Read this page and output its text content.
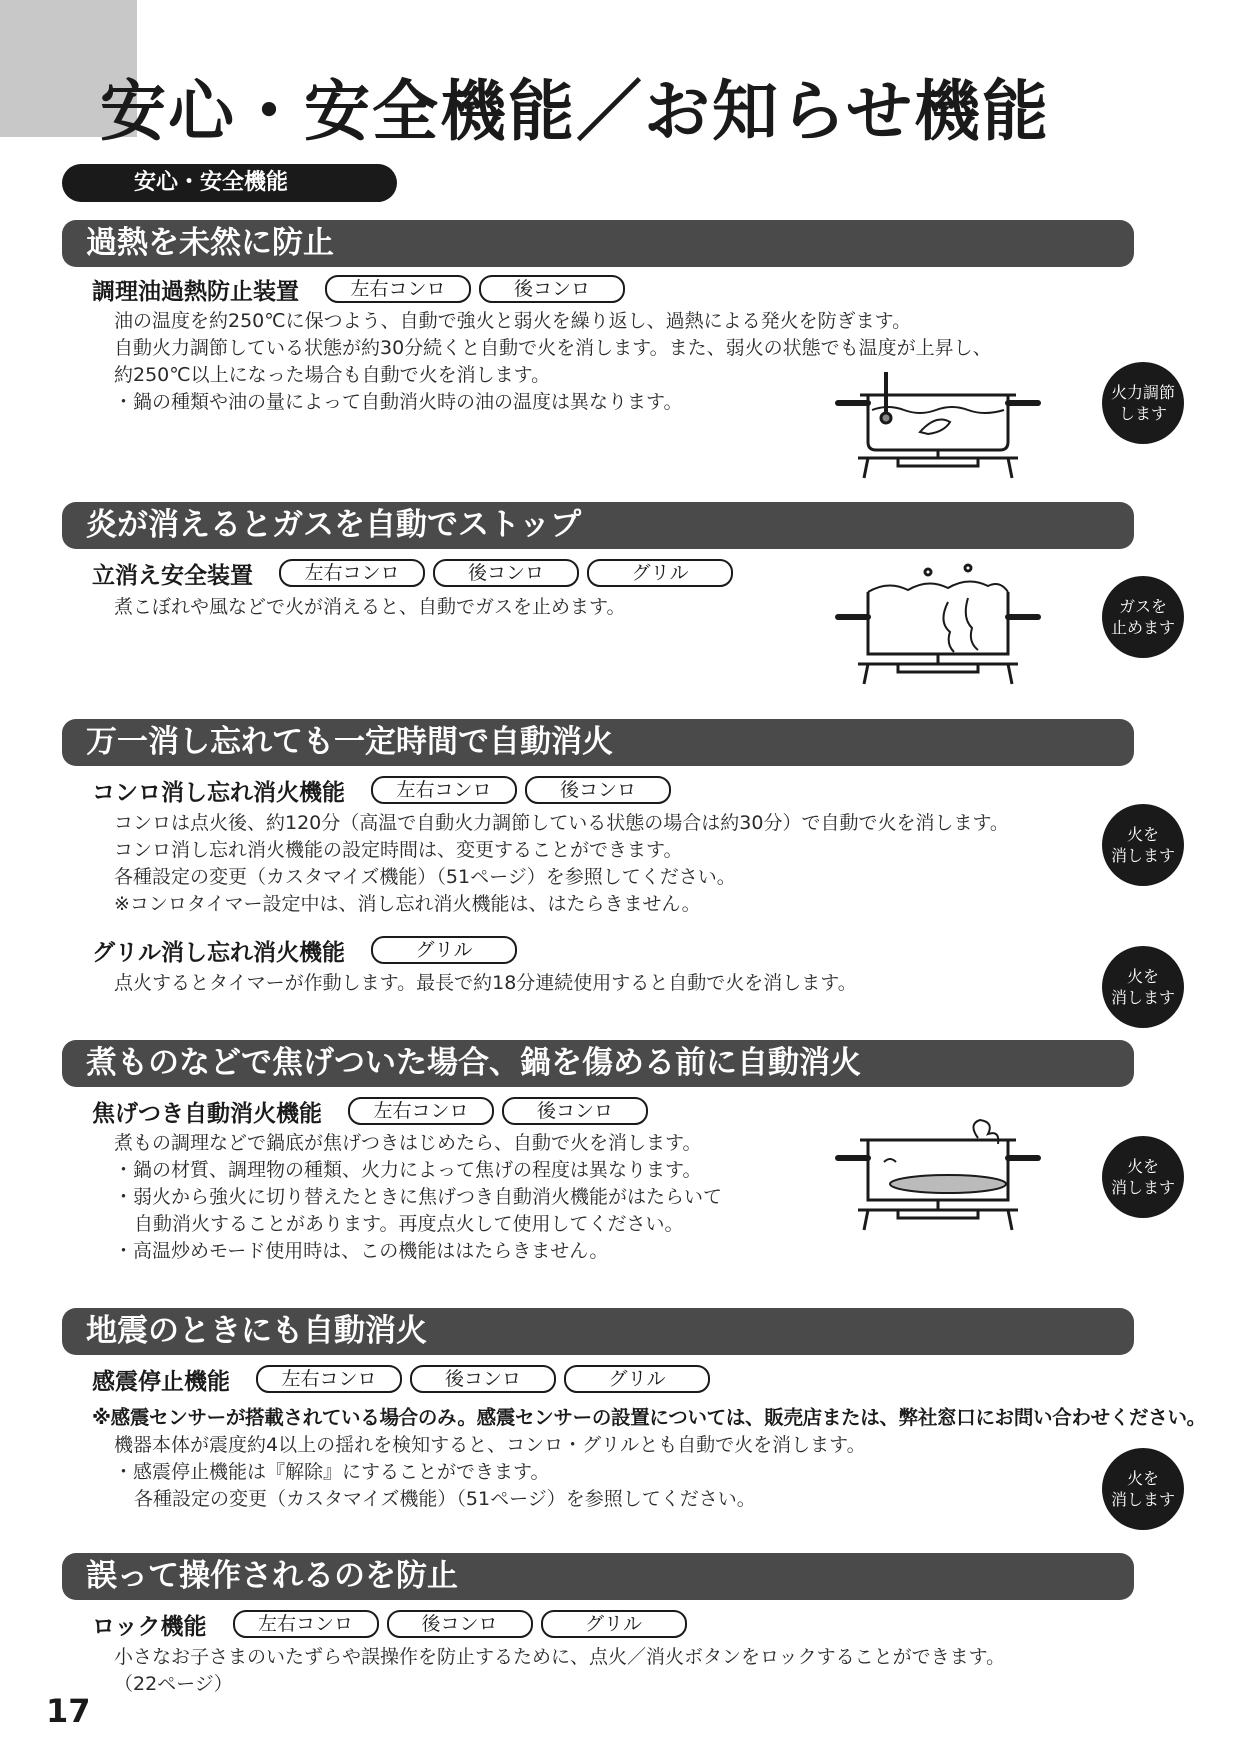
安心・安全機能／お知らせ機能
安心・安全機能
過熱を未然に防止
調理油過熱防止装置	左右コンロ	後コンロ
油の温度を約250℃に保つよう、自動で強火と弱火を繰り返し、過熱による発火を防ぎます。
自動火力調節している状態が約30分続くと自動で火を消します。また、弱火の状態でも温度が上昇し、
約250℃以上になった場合も自動で火を消します。
・鍋の種類や油の量によって自動消火時の油の温度は異なります。	火力調節
します
炎が消えるとガスを自動でストップ
立消え安全装置	左右コンロ	後コンロ	グリル
煮こぼれや風などで火が消えると、自動でガスを止めます。	ガスを
止めます
万一消し忘れても一定時間で自動消火
コンロ消し忘れ消火機能	左右コンロ	後コンロ
コンロは点火後、約120分（高温で自動火力調節している状態の場合は約30分）で自動で火を消します。
コンロ消し忘れ消火機能の設定時間は、変更することができます。
各種設定の変更（カスタマイズ機能）（51ページ）を参照してください。
※コンロタイマー設定中は、消し忘れ消火機能は、はたらきません。
火を
消します
グリル消し忘れ消火機能	グリル
点火するとタイマーが作動します。最長で約18分連続使用すると自動で火を消します。	火を
消します
煮ものなどで焦げついた場合、鍋を傷める前に自動消火
焦げつき自動消火機能	左右コンロ	後コンロ
煮もの調理などで鍋底が焦げつきはじめたら、自動で火を消します。
・鍋の材質、調理物の種類、火力によって焦げの程度は異なります。
・弱火から強火に切り替えたときに焦げつき自動消火機能がはたらいて
自動消火することがあります。再度点火して使用してください。
・高温炒めモード使用時は、この機能ははたらきません。
火を
消します
地震のときにも自動消火
感震停止機能	左右コンロ	後コンロ	グリル
※感震センサーが搭載されている場合のみ。感震センサーの設置については、販売店または、弊社窓口にお問い合わせください。
機器本体が震度約4以上の揺れを検知すると、コンロ・グリルとも自動で火を消します。
・感震停止機能は『解除』にすることができます。
各種設定の変更（カスタマイズ機能）（51ページ）を参照してください。
火を
消します
誤って操作されるのを防止
ロック機能	左右コンロ	後コンロ	グリル
小さなお子さまのいたずらや誤操作を防止するために、点火／消火ボタンをロックすることができます。
（22ページ）
17
